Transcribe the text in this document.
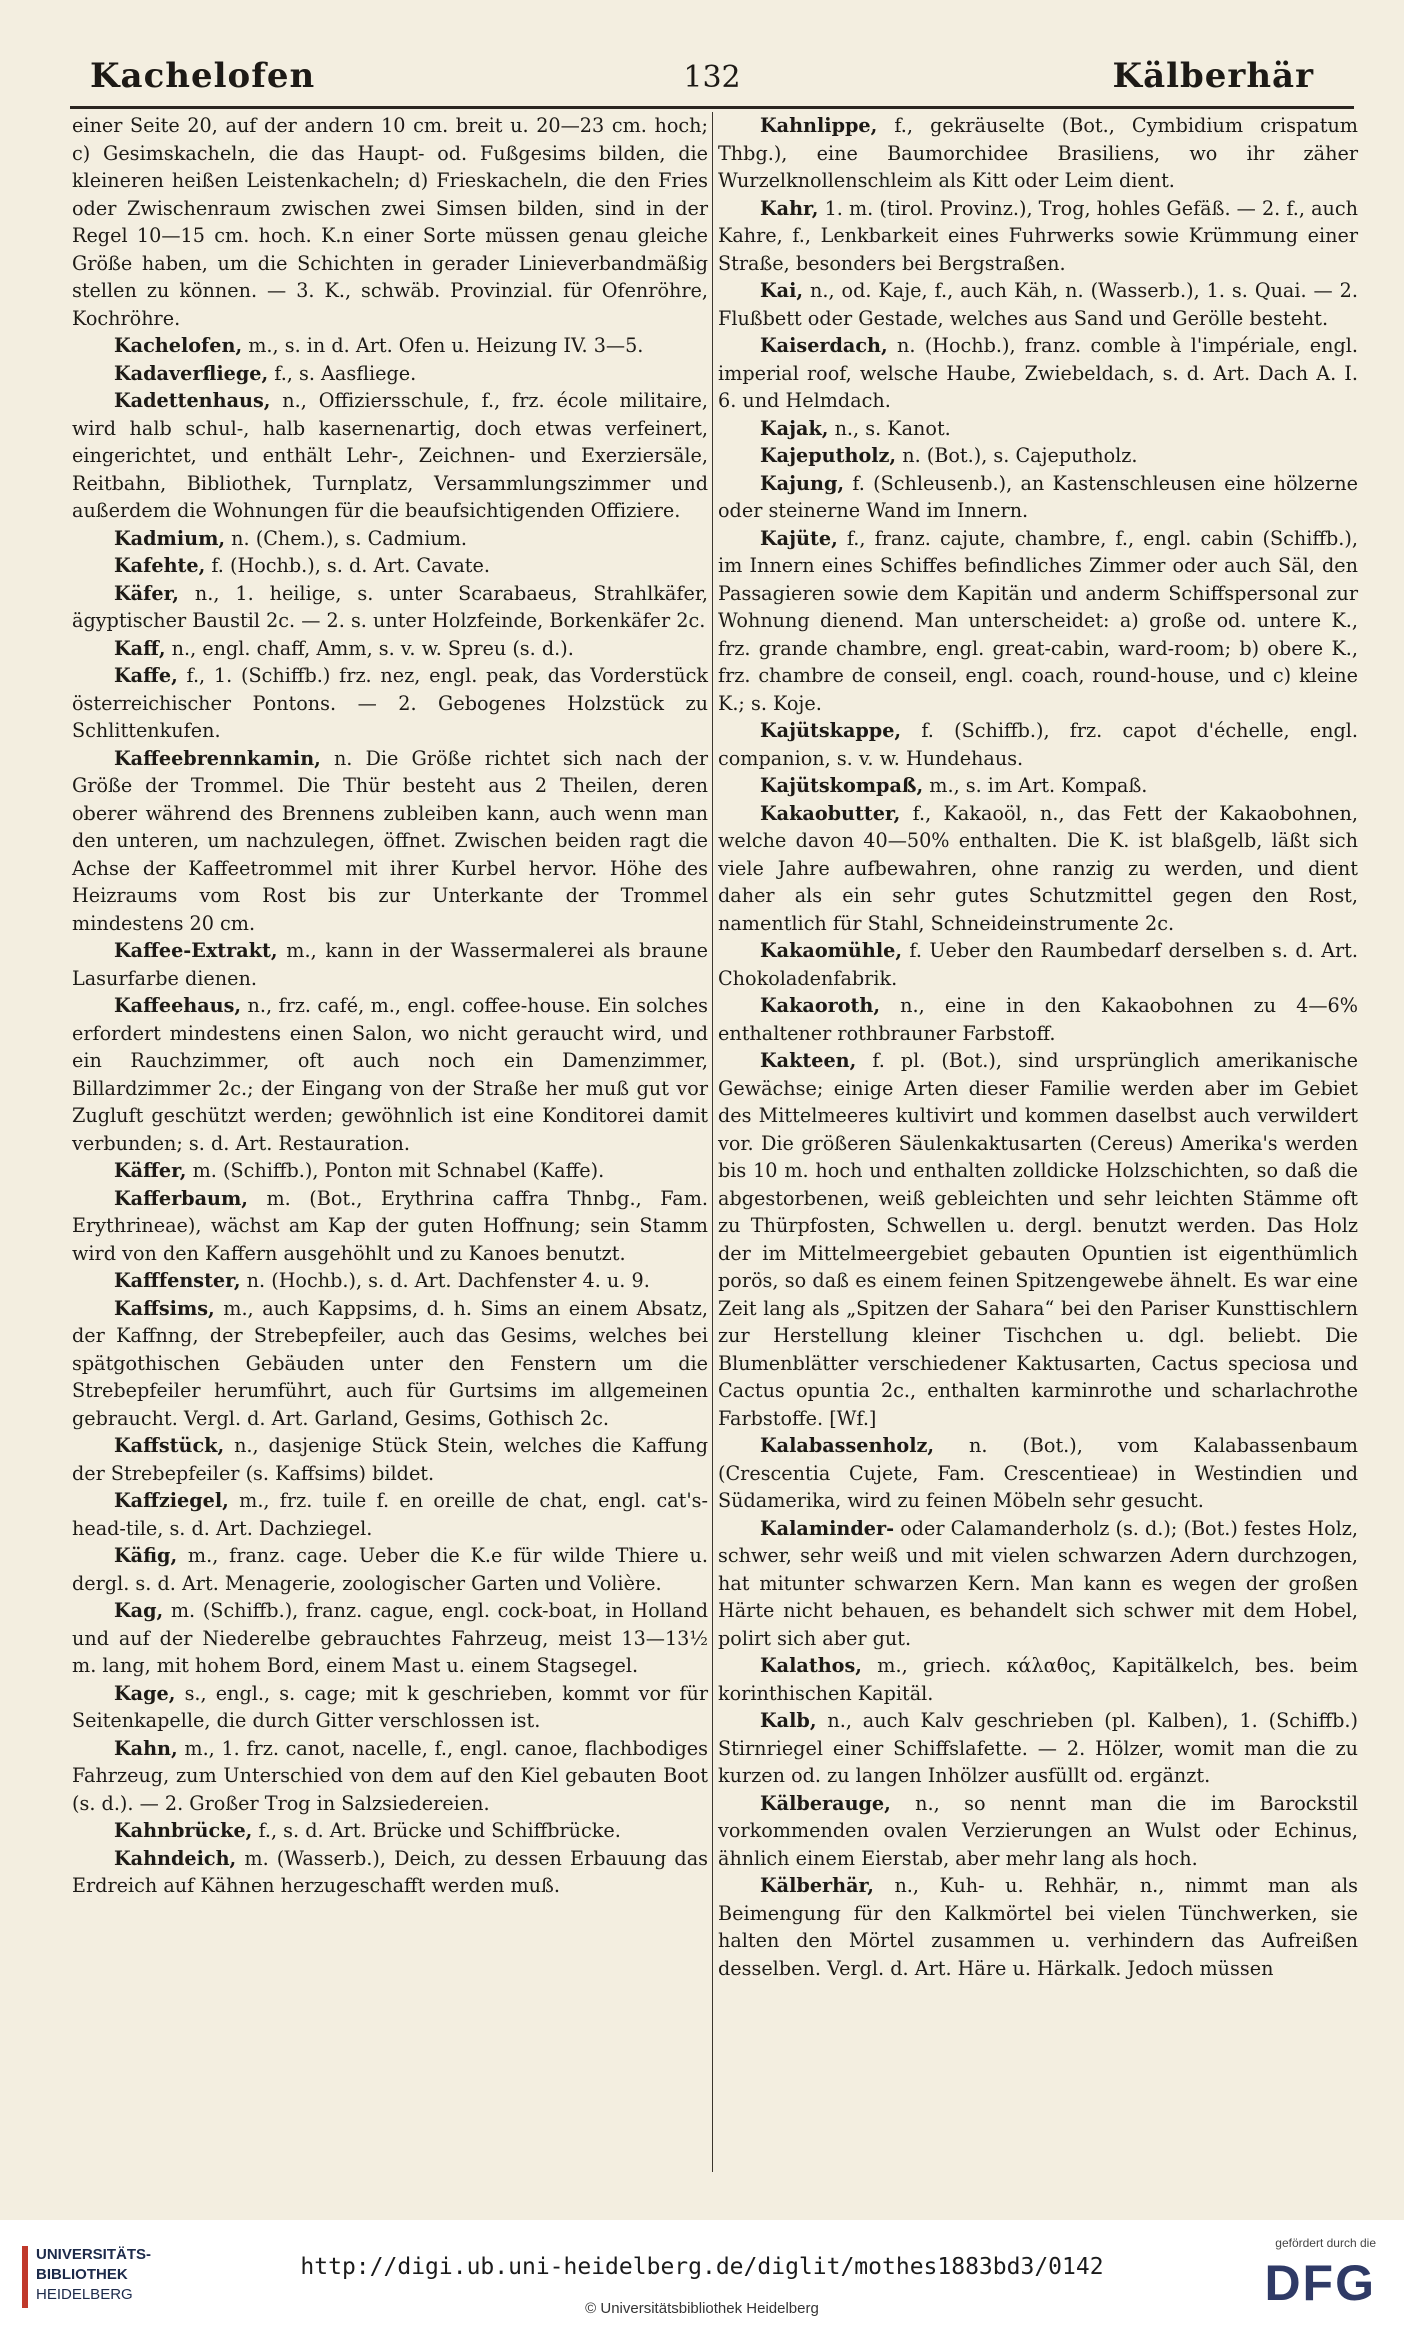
Kachelofen	132	Kälberhär

einer Seite 20, auf der andern 10 cm. breit u. 20—23 cm. hoch; c) Gesimskacheln, die das Haupt- od. Fußgesims bilden, die kleineren heißen Leistenkacheln; d) Frieskacheln, die den Fries oder Zwischenraum zwischen zwei Simsen bilden, sind in der Regel 10—15 cm. hoch. K.n einer Sorte müssen genau gleiche Größe haben, um die Schichten in gerader Linieverbandmäßig stellen zu können. — 3. K., schwäb. Provinzial. für Ofenröhre, Kochröhre.

Kachelofen, m., s. in d. Art. Ofen u. Heizung IV. 3—5.

Kadaverfliege, f., s. Aasfliege.

Kadettenhaus, n., Offiziersschule, f., frz. école militaire, wird halb schul-, halb kasernenartig, doch etwas verfeinert, eingerichtet, und enthält Lehr-, Zeichnen- und Exerziersäle, Reitbahn, Bibliothek, Turnplatz, Versammlungszimmer und außerdem die Wohnungen für die beaufsichtigenden Offiziere.

Kadmium, n. (Chem.), s. Cadmium.

Kafehte, f. (Hochb.), s. d. Art. Cavate.

Käfer, n., 1. heilige, s. unter Scarabaeus, Strahlkäfer, ägyptischer Baustil 2c. — 2. s. unter Holzfeinde, Borkenkäfer 2c.

Kaff, n., engl. chaff, Amm, s. v. w. Spreu (s. d.).

Kaffe, f., 1. (Schiffb.) frz. nez, engl. peak, das Vorderstück österreichischer Pontons. — 2. Gebogenes Holzstück zu Schlittenkufen.

Kaffeebrennkamin, n. Die Größe richtet sich nach der Größe der Trommel. Die Thür besteht aus 2 Theilen, deren oberer während des Brennens zubleiben kann, auch wenn man den unteren, um nachzulegen, öffnet. Zwischen beiden ragt die Achse der Kaffeetrommel mit ihrer Kurbel hervor. Höhe des Heizraums vom Rost bis zur Unterkante der Trommel mindestens 20 cm.

Kaffee-Extrakt, m., kann in der Wassermalerei als braune Lasurfarbe dienen.

Kaffeehaus, n., frz. café, m., engl. coffee-house. Ein solches erfordert mindestens einen Salon, wo nicht geraucht wird, und ein Rauchzimmer, oft auch noch ein Damenzimmer, Billardzimmer 2c.; der Eingang von der Straße her muß gut vor Zugluft geschützt werden; gewöhnlich ist eine Konditorei damit verbunden; s. d. Art. Restauration.

Käffer, m. (Schiffb.), Ponton mit Schnabel (Kaffe).

Kafferbaum, m. (Bot., Erythrina caffra Thnbg., Fam. Erythrineae), wächst am Kap der guten Hoffnung; sein Stamm wird von den Kaffern ausgehöhlt und zu Kanoes benutzt.

Kafffenster, n. (Hochb.), s. d. Art. Dachfenster 4. u. 9.

Kaffsims, m., auch Kappsims, d. h. Sims an einem Absatz, der Kaffnng, der Strebepfeiler, auch das Gesims, welches bei spätgothischen Gebäuden unter den Fenstern um die Strebepfeiler herumführt, auch für Gurtsims im allgemeinen gebraucht. Vergl. d. Art. Garland, Gesims, Gothisch 2c.

Kaffstück, n., dasjenige Stück Stein, welches die Kaffung der Strebepfeiler (s. Kaffsims) bildet.

Kaffziegel, m., frz. tuile f. en oreille de chat, engl. cat's-head-tile, s. d. Art. Dachziegel.

Käfig, m., franz. cage. Ueber die K.e für wilde Thiere u. dergl. s. d. Art. Menagerie, zoologischer Garten und Volière.

Kag, m. (Schiffb.), franz. cague, engl. cock-boat, in Holland und auf der Niederelbe gebrauchtes Fahrzeug, meist 13—13½ m. lang, mit hohem Bord, einem Mast u. einem Stagsegel.

Kage, s., engl., s. cage; mit k geschrieben, kommt vor für Seitenkapelle, die durch Gitter verschlossen ist.

Kahn, m., 1. frz. canot, nacelle, f., engl. canoe, flachbodiges Fahrzeug, zum Unterschied von dem auf den Kiel gebauten Boot (s. d.). — 2. Großer Trog in Salzsiedereien.

Kahnbrücke, f., s. d. Art. Brücke und Schiffbrücke.

Kahndeich, m. (Wasserb.), Deich, zu dessen Erbauung das Erdreich auf Kähnen herzugeschafft werden muß.

Kahnlippe, f., gekräuselte (Bot., Cymbidium crispatum Thbg.), eine Baumorchidee Brasiliens, wo ihr zäher Wurzelknollenschleim als Kitt oder Leim dient.

Kahr, 1. m. (tirol. Provinz.), Trog, hohles Gefäß. — 2. f., auch Kahre, f., Lenkbarkeit eines Fuhrwerks sowie Krümmung einer Straße, besonders bei Bergstraßen.

Kai, n., od. Kaje, f., auch Käh, n. (Wasserb.), 1. s. Quai. — 2. Flußbett oder Gestade, welches aus Sand und Gerölle besteht.

Kaiserdach, n. (Hochb.), franz. comble à l'impériale, engl. imperial roof, welsche Haube, Zwiebeldach, s. d. Art. Dach A. I. 6. und Helmdach.

Kajak, n., s. Kanot.

Kajeputholz, n. (Bot.), s. Cajeputholz.

Kajung, f. (Schleusenb.), an Kastenschleusen eine hölzerne oder steinerne Wand im Innern.

Kajüte, f., franz. cajute, chambre, f., engl. cabin (Schiffb.), im Innern eines Schiffes befindliches Zimmer oder auch Säl, den Passagieren sowie dem Kapitän und anderm Schiffspersonal zur Wohnung dienend. Man unterscheidet: a) große od. untere K., frz. grande chambre, engl. great-cabin, ward-room; b) obere K., frz. chambre de conseil, engl. coach, round-house, und c) kleine K.; s. Koje.

Kajütskappe, f. (Schiffb.), frz. capot d'échelle, engl. companion, s. v. w. Hundehaus.

Kajütskompaß, m., s. im Art. Kompaß.

Kakaobutter, f., Kakaoöl, n., das Fett der Kakaobohnen, welche davon 40—50% enthalten. Die K. ist blaßgelb, läßt sich viele Jahre aufbewahren, ohne ranzig zu werden, und dient daher als ein sehr gutes Schutzmittel gegen den Rost, namentlich für Stahl, Schneideinstrumente 2c.

Kakaomühle, f. Ueber den Raumbedarf derselben s. d. Art. Chokoladenfabrik.

Kakaoroth, n., eine in den Kakaobohnen zu 4—6% enthaltener rothbrauner Farbstoff.

Kakteen, f. pl. (Bot.), sind ursprünglich amerikanische Gewächse; einige Arten dieser Familie werden aber im Gebiet des Mittelmeeres kultivirt und kommen daselbst auch verwildert vor. Die größeren Säulenkaktusarten (Cereus) Amerika's werden bis 10 m. hoch und enthalten zolldicke Holzschichten, so daß die abgestorbenen, weiß gebleichten und sehr leichten Stämme oft zu Thürpfosten, Schwellen u. dergl. benutzt werden. Das Holz der im Mittelmeergebiet gebauten Opuntien ist eigenthümlich porös, so daß es einem feinen Spitzengewebe ähnelt. Es war eine Zeit lang als „Spitzen der Sahara“ bei den Pariser Kunsttischlern zur Herstellung kleiner Tischchen u. dgl. beliebt. Die Blumenblätter verschiedener Kaktusarten, Cactus speciosa und Cactus opuntia 2c., enthalten karminrothe und scharlachrothe Farbstoffe. [Wf.]

Kalabassenholz, n. (Bot.), vom Kalabassenbaum (Crescentia Cujete, Fam. Crescentieae) in Westindien und Südamerika, wird zu feinen Möbeln sehr gesucht.

Kalaminder- oder Calamanderholz (s. d.); (Bot.) festes Holz, schwer, sehr weiß und mit vielen schwarzen Adern durchzogen, hat mitunter schwarzen Kern. Man kann es wegen der großen Härte nicht behauen, es behandelt sich schwer mit dem Hobel, polirt sich aber gut.

Kalathos, m., griech. κάλαθος, Kapitälkelch, bes. beim korinthischen Kapitäl.

Kalb, n., auch Kalv geschrieben (pl. Kalben), 1. (Schiffb.) Stirnriegel einer Schiffslafette. — 2. Hölzer, womit man die zu kurzen od. zu langen Inhölzer ausfüllt od. ergänzt.

Kälberauge, n., so nennt man die im Barockstil vorkommenden ovalen Verzierungen an Wulst oder Echinus, ähnlich einem Eierstab, aber mehr lang als hoch.

Kälberhär, n., Kuh- u. Rehhär, n., nimmt man als Beimengung für den Kalkmörtel bei vielen Tünchwerken, sie halten den Mörtel zusammen u. verhindern das Aufreißen desselben. Vergl. d. Art. Häre u. Härkalk. Jedoch müssen

UNIVERSITÄTS-
BIBLIOTHEK
HEIDELBERG
http://digi.ub.uni-heidelberg.de/diglit/mothes1883bd3/0142
© Universitätsbibliothek Heidelberg
gefördert durch die
DFG
